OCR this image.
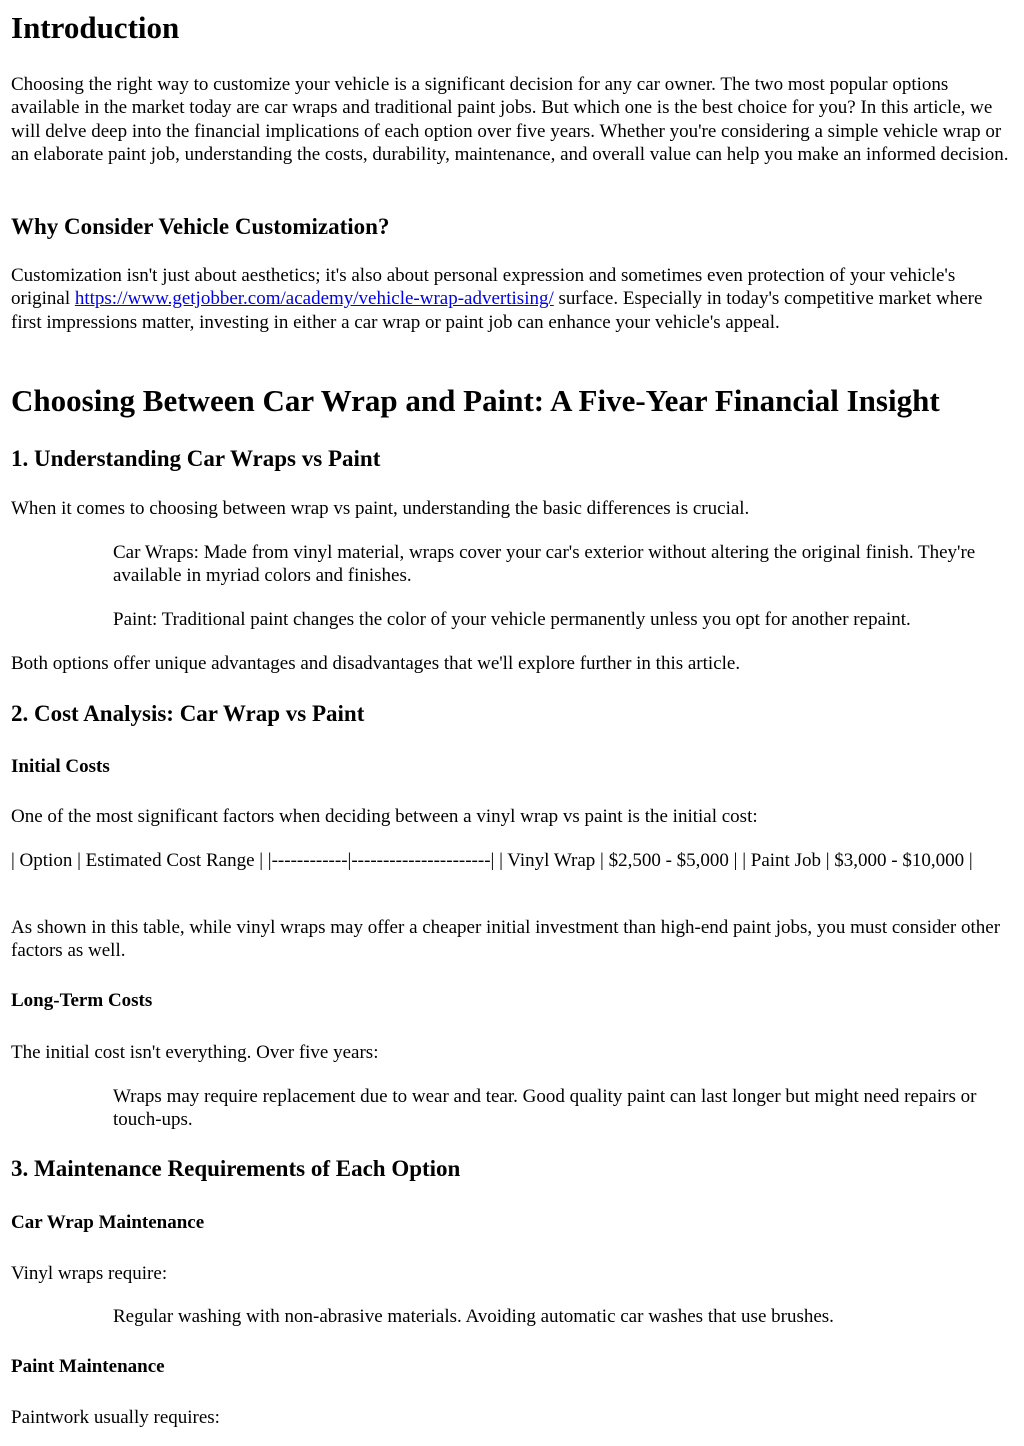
Introduction

Choosing the right way to customize your vehicle is a significant decision for any car owner. The two most popular options available in the market today are car wraps and traditional paint jobs. But which one is the best choice for you? In this article, we will delve deep into the financial implications of each option over five years. Whether you're considering a simple vehicle wrap or an elaborate paint job, understanding the costs, durability, maintenance, and overall value can help you make an informed decision.

Why Consider Vehicle Customization?

Customization isn't just about aesthetics; it's also about personal expression and sometimes even protection of your vehicle's original https://www.getjobber.com/academy/vehicle-wrap-advertising/ surface. Especially in today's competitive market where first impressions matter, investing in either a car wrap or paint job can enhance your vehicle's appeal.

Choosing Between Car Wrap and Paint: A Five-Year Financial Insight
1. Understanding Car Wraps vs Paint

When it comes to choosing between wrap vs paint, understanding the basic differences is crucial.

Car Wraps: Made from vinyl material, wraps cover your car's exterior without altering the original finish. They're available in myriad colors and finishes.

Paint: Traditional paint changes the color of your vehicle permanently unless you opt for another repaint.

Both options offer unique advantages and disadvantages that we'll explore further in this article.

2. Cost Analysis: Car Wrap vs Paint
Initial Costs

One of the most significant factors when deciding between a vinyl wrap vs paint is the initial cost:

| Option | Estimated Cost Range | |------------|----------------------| | Vinyl Wrap | $2,500 - $5,000 | | Paint Job | $3,000 - $10,000 |

As shown in this table, while vinyl wraps may offer a cheaper initial investment than high-end paint jobs, you must consider other factors as well.

Long-Term Costs

The initial cost isn't everything. Over five years:

Wraps may require replacement due to wear and tear. Good quality paint can last longer but might need repairs or touch-ups.

3. Maintenance Requirements of Each Option
Car Wrap Maintenance

Vinyl wraps require:

Regular washing with non-abrasive materials. Avoiding automatic car washes that use brushes.

Paint Maintenance

Paintwork usually requires:
